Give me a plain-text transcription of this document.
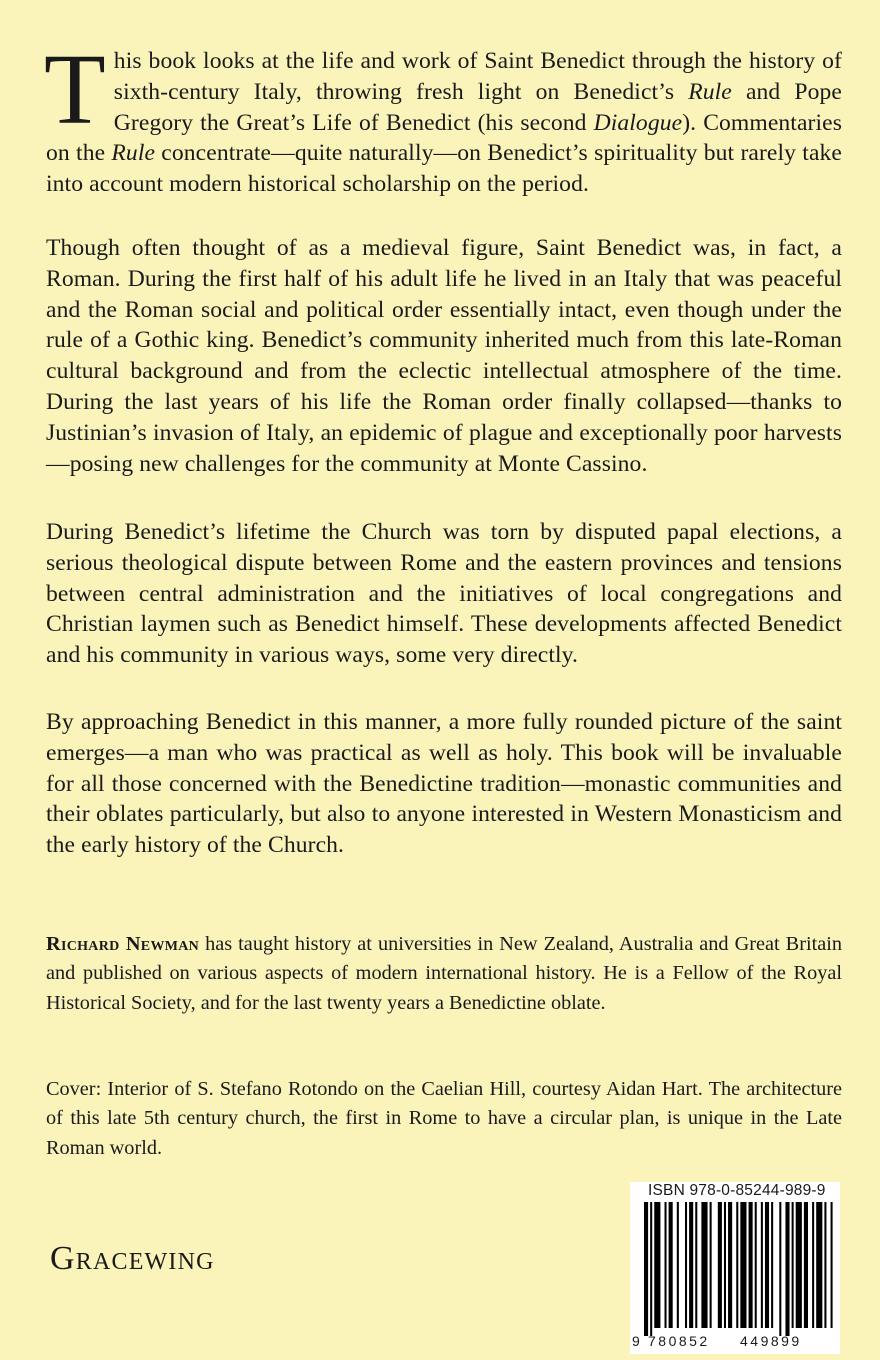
This book looks at the life and work of Saint Benedict through the history of sixth-century Italy, throwing fresh light on Benedict’s Rule and Pope Gregory the Great’s Life of Benedict (his second Dialogue). Commentaries on the Rule concentrate—quite naturally—on Benedict’s spirituality but rarely take into account modern historical scholarship on the period.

Though often thought of as a medieval figure, Saint Benedict was, in fact, a Roman. During the first half of his adult life he lived in an Italy that was peaceful and the Roman social and political order essentially intact, even though under the rule of a Gothic king. Benedict’s community inherited much from this late-Roman cultural background and from the eclectic intellectual atmosphere of the time. During the last years of his life the Roman order finally collapsed—thanks to Justinian’s invasion of Italy, an epidemic of plague and exceptionally poor harvests—posing new challenges for the community at Monte Cassino.

During Benedict’s lifetime the Church was torn by disputed papal elections, a serious theological dispute between Rome and the eastern provinces and tensions between central administration and the initiatives of local congregations and Christian laymen such as Benedict himself. These developments affected Benedict and his community in various ways, some very directly.

By approaching Benedict in this manner, a more fully rounded picture of the saint emerges—a man who was practical as well as holy. This book will be invaluable for all those concerned with the Benedictine tradition—monastic communities and their oblates particularly, but also to anyone interested in Western Monasticism and the early history of the Church.

Richard Newman has taught history at universities in New Zealand, Australia and Great Britain and published on various aspects of modern international history. He is a Fellow of the Royal Historical Society, and for the last twenty years a Benedictine oblate.

Cover: Interior of S. Stefano Rotondo on the Caelian Hill, courtesy Aidan Hart. The architecture of this late 5th century church, the first in Rome to have a circular plan, is unique in the Late Roman world.

Gracewing
ISBN 978-0-85244-989-9
9 780852 449899
